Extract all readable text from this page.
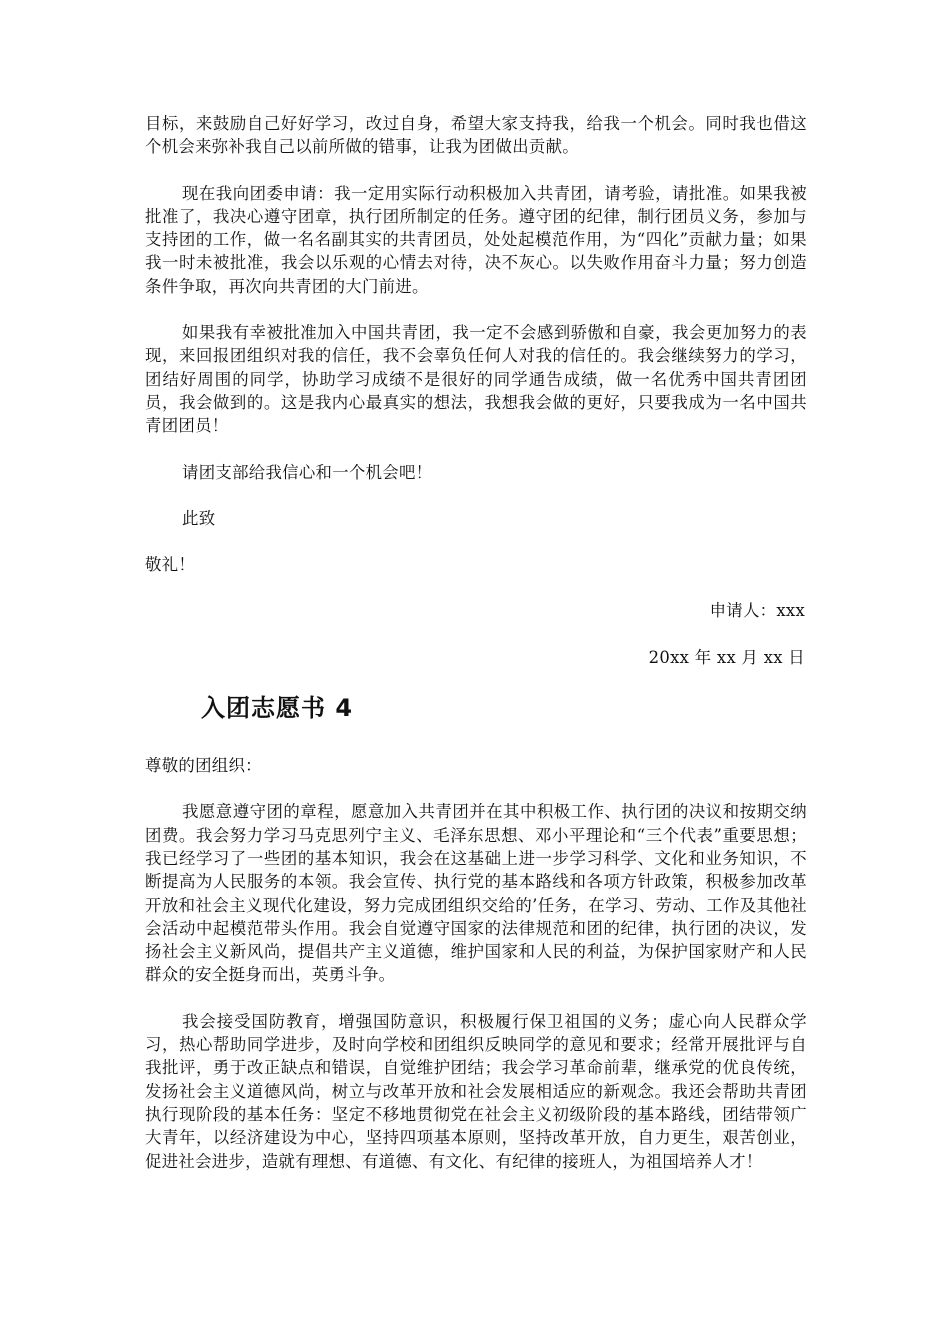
目标，来鼓励自己好好学习，改过自身，希望大家支持我，给我一个机会。同时我也借这个机会来弥补我自己以前所做的错事，让我为团做出贡献。

现在我向团委申请：我一定用实际行动积极加入共青团，请考验，请批准。如果我被批准了，我决心遵守团章，执行团所制定的任务。遵守团的纪律，制行团员义务，参加与支持团的工作，做一名名副其实的共青团员，处处起模范作用，为“四化”贡献力量；如果我一时未被批准，我会以乐观的心情去对待，决不灰心。以失败作用奋斗力量；努力创造条件争取，再次向共青团的大门前进。

如果我有幸被批准加入中国共青团，我一定不会感到骄傲和自豪，我会更加努力的表现，来回报团组织对我的信任，我不会辜负任何人对我的信任的。我会继续努力的学习，团结好周围的同学，协助学习成绩不是很好的同学通告成绩，做一名优秀中国共青团团员，我会做到的。这是我内心最真实的想法，我想我会做的更好，只要我成为一名中国共青团团员！

请团支部给我信心和一个机会吧！

此致

敬礼！

申请人：xxx

20xx 年 xx 月 xx 日

入团志愿书 4

尊敬的团组织：

我愿意遵守团的章程，愿意加入共青团并在其中积极工作、执行团的决议和按期交纳团费。我会努力学习马克思列宁主义、毛泽东思想、邓小平理论和“三个代表”重要思想；我已经学习了一些团的基本知识，我会在这基础上进一步学习科学、文化和业务知识，不断提高为人民服务的本领。我会宣传、执行党的基本路线和各项方针政策，积极参加改革开放和社会主义现代化建设，努力完成团组织交给的’任务，在学习、劳动、工作及其他社会活动中起模范带头作用。我会自觉遵守国家的法律规范和团的纪律，执行团的决议，发扬社会主义新风尚，提倡共产主义道德，维护国家和人民的利益，为保护国家财产和人民群众的安全挺身而出，英勇斗争。

我会接受国防教育，增强国防意识，积极履行保卫祖国的义务；虚心向人民群众学习，热心帮助同学进步，及时向学校和团组织反映同学的意见和要求；经常开展批评与自我批评，勇于改正缺点和错误，自觉维护团结；我会学习革命前辈，继承党的优良传统，发扬社会主义道德风尚，树立与改革开放和社会发展相适应的新观念。我还会帮助共青团执行现阶段的基本任务：坚定不移地贯彻党在社会主义初级阶段的基本路线，团结带领广大青年，以经济建设为中心，坚持四项基本原则，坚持改革开放，自力更生，艰苦创业，促进社会进步，造就有理想、有道德、有文化、有纪律的接班人，为祖国培养人才！
